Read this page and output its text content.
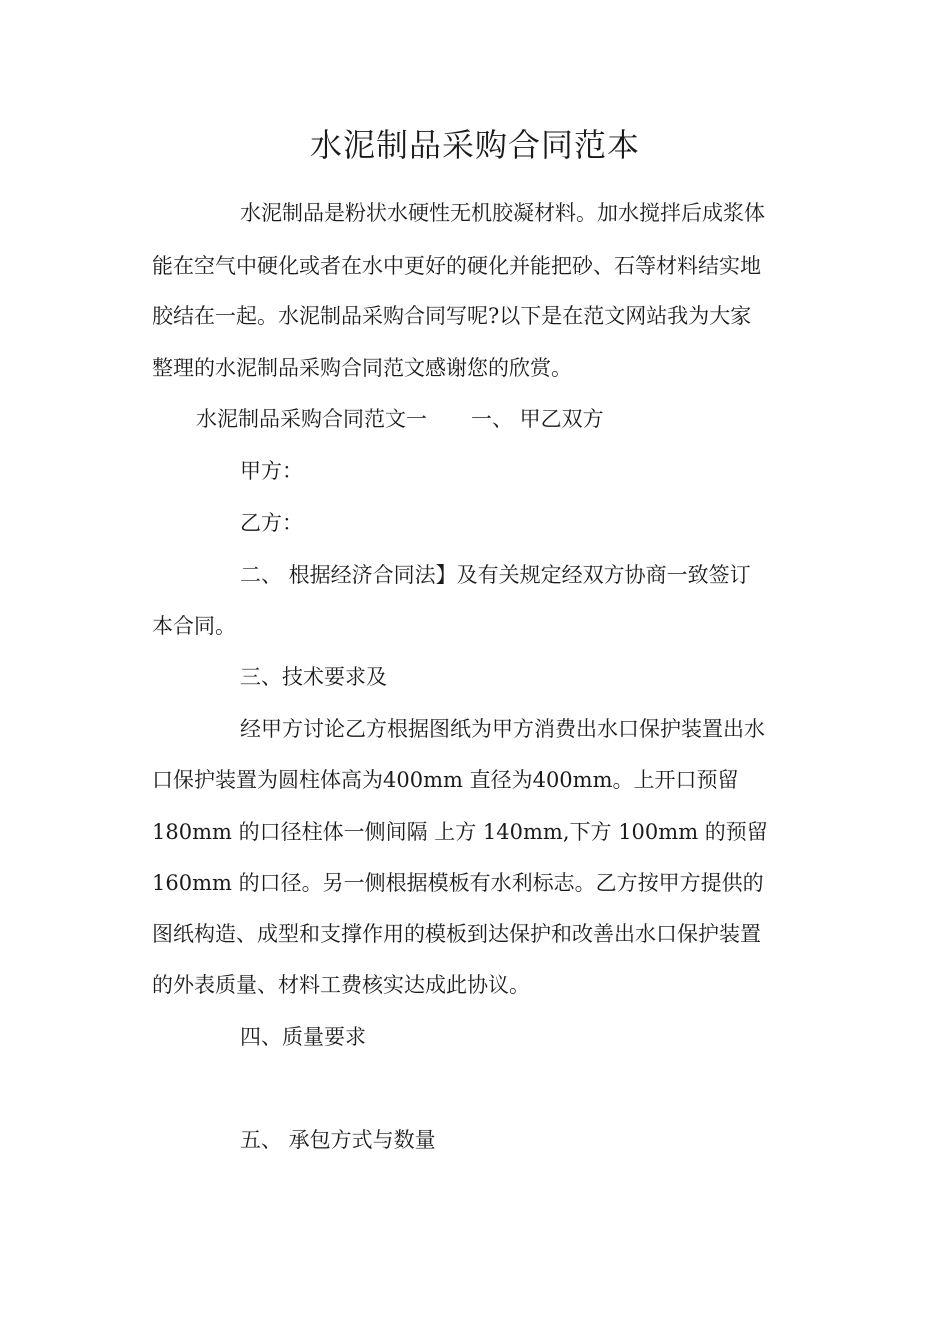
水泥制品采购合同范本
水泥制品是粉状水硬性无机胶凝材料。加水搅拌后成浆体
能在空气中硬化或者在水中更好的硬化并能把砂、石等材料结实地
胶结在一起。水泥制品采购合同写呢?以下是在范文网站我为大家
整理的水泥制品采购合同范文感谢您的欣赏。
水泥制品采购合同范文一 一、 甲乙双方
甲方：
乙方：
二、 根据经济合同法】及有关规定经双方协商一致签订
本合同。
三、技术要求及
经甲方讨论乙方根据图纸为甲方消费出水口保护装置出水
口保护装置为圆柱体高为400mm 直径为400mm。上开口预留
180mm 的口径柱体一侧间隔 上方 140mm,下方 100mm 的预留
160mm 的口径。另一侧根据模板有水利标志。乙方按甲方提供的
图纸构造、成型和支撑作用的模板到达保护和改善出水口保护装置
的外表质量、材料工费核实达成此协议。
四、质量要求
五、 承包方式与数量
